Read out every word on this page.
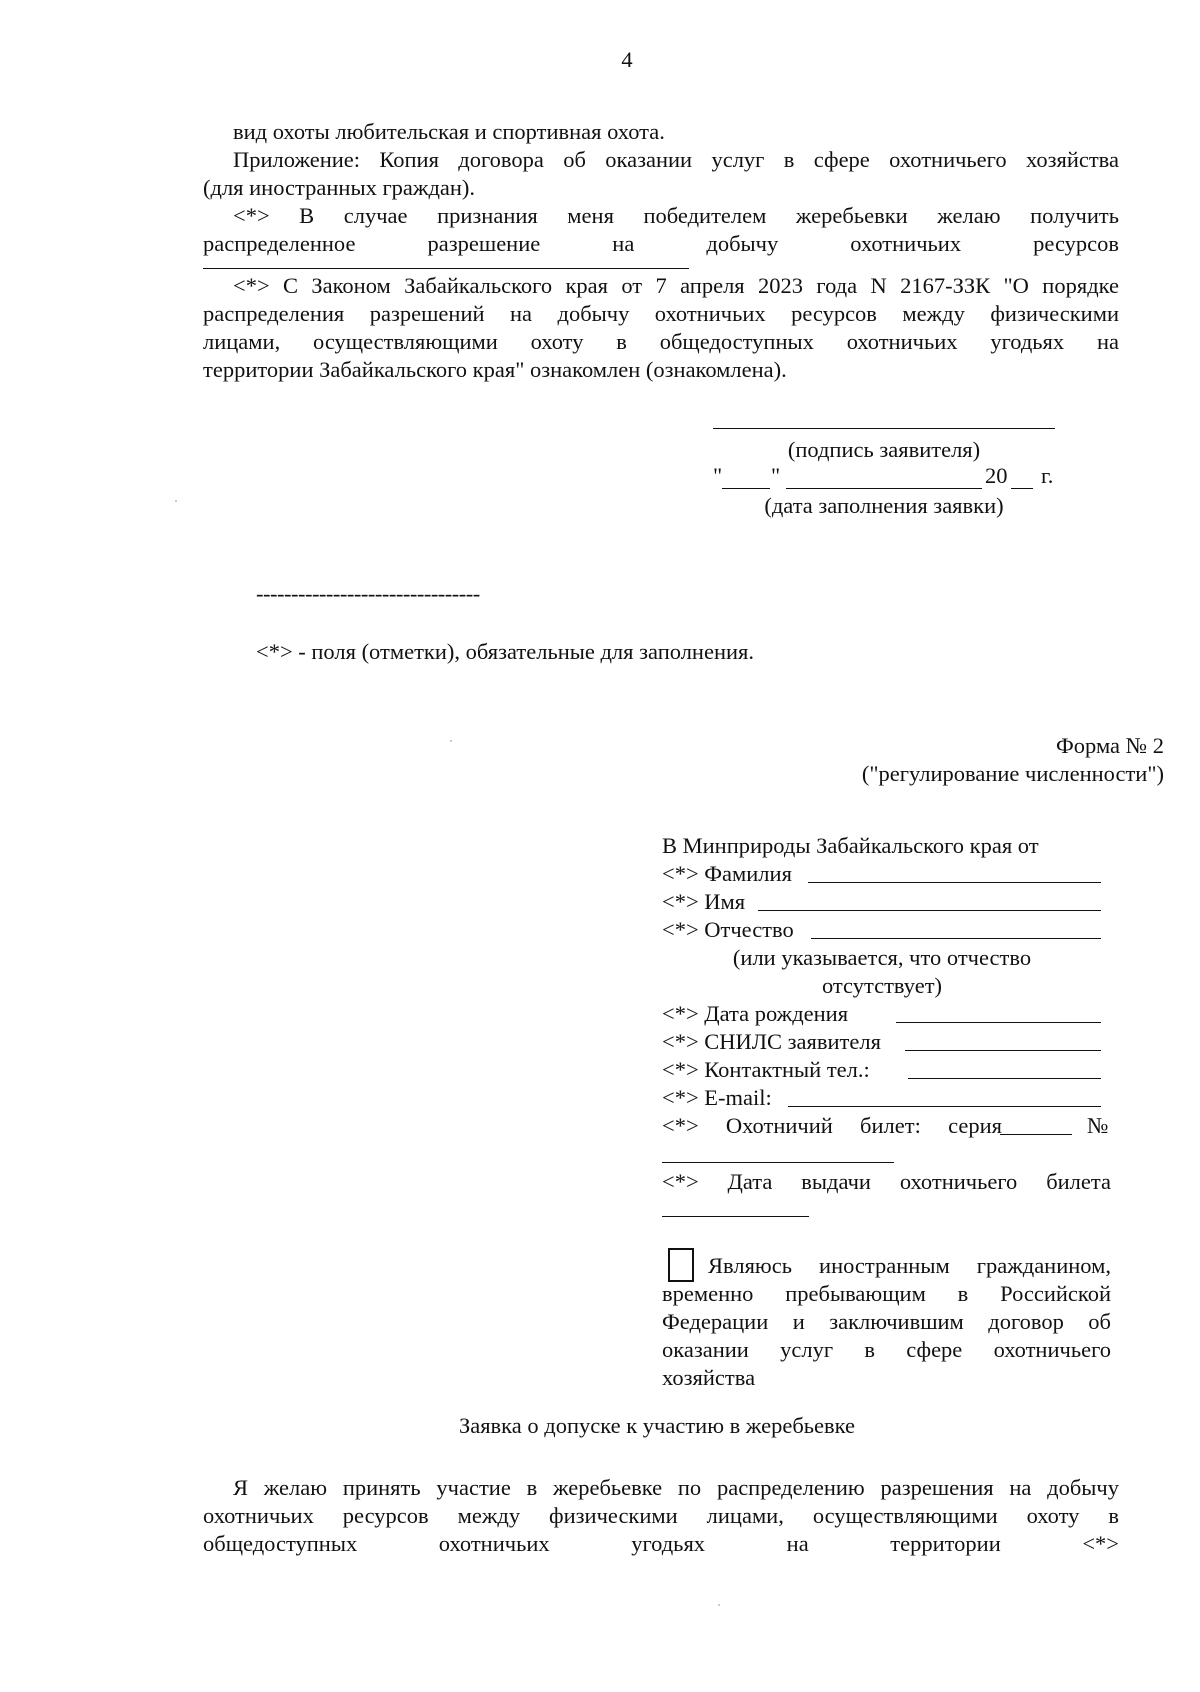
4
вид охоты любительская и спортивная охота.
Приложение: Копия договора об оказании услуг в сфере охотничьего хозяйства
(для иностранных граждан).
<*> В случае признания меня победителем жеребьевки желаю получить
распределенное разрешение на добычу охотничьих ресурсов
<*> С Законом Забайкальского края от 7 апреля 2023 года N 2167-ЗЗК "О порядке
распределения разрешений на добычу охотничьих ресурсов между физическими
лицами, осуществляющими охоту в общедоступных охотничьих угодьях на
территории Забайкальского края" ознакомлен (ознакомлена).
(подпись заявителя)
" "	20 г.
(дата заполнения заявки)
--------------------------------
<*> - поля (отметки), обязательные для заполнения.
Форма № 2
("регулирование численности")
В Минприроды Забайкальского края от
<*> Фамилия
<*> Имя
<*> Отчество
(или указывается, что отчество
отсутствует)
<*> Дата рождения
<*> СНИЛС заявителя
<*> Контактный тел.:
<*> E-mail:
<*> Охотничий билет: серия	№
<*> Дата выдачи охотничьего билета
Являюсь иностранным гражданином,
временно пребывающим в Российской
Федерации и заключившим договор об
оказании услуг в сфере охотничьего
хозяйства
Заявка о допуске к участию в жеребьевке
Я желаю принять участие в жеребьевке по распределению разрешения на добычу
охотничьих ресурсов между физическими лицами, осуществляющими охоту в
общедоступных охотничьих угодьях на территории <*>
